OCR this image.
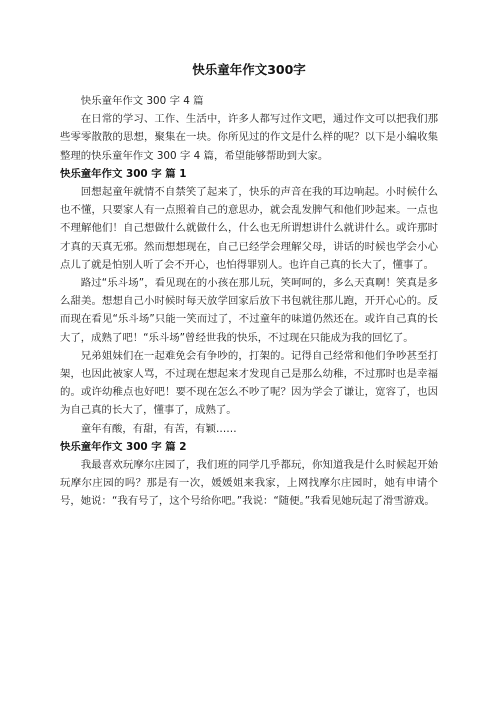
快乐童年作文300字

快乐童年作文 300 字 4 篇

在日常的学习、工作、生活中，许多人都写过作文吧，通过作文可以把我们那些零零散散的思想，聚集在一块。你所见过的作文是什么样的呢？以下是小编收集整理的快乐童年作文 300 字 4 篇，希望能够帮助到大家。

快乐童年作文 300 字 篇 1

回想起童年就情不自禁笑了起来了，快乐的声音在我的耳边响起。小时候什么也不懂，只要家人有一点照着自己的意思办，就会乱发脾气和他们吵起来。一点也不理解他们！自己想做什么就做什么，什么也无所谓想讲什么就讲什么。或许那时才真的天真无邪。然而想想现在，自己已经学会理解父母，讲话的时候也学会小心点儿了就是怕别人听了会不开心，也怕得罪别人。也许自己真的长大了，懂事了。

路过“乐斗场”，看见现在的小孩在那儿玩，笑呵呵的，多么天真啊！笑真是多么甜美。想想自己小时候时每天放学回家后放下书包就往那儿跑，开开心心的。反而现在看见“乐斗场”只能一笑而过了，不过童年的味道仍然还在。或许自己真的长大了，成熟了吧！“乐斗场”曾经世我的快乐，不过现在只能成为我的回忆了。

兄弟姐妹们在一起难免会有争吵的，打架的。记得自己经常和他们争吵甚至打架，也因此被家人骂，不过现在想起来才发现自己是那么幼稚，不过那时也是幸福的。或许幼稚点也好吧！要不现在怎么不吵了呢？因为学会了谦让，宽容了，也因为自己真的长大了，懂事了，成熟了。

童年有酸，有甜，有苦，有颖……

快乐童年作文 300 字 篇 2

我最喜欢玩摩尔庄园了，我们班的同学几乎都玩，你知道我是什么时候起开始玩摩尔庄园的吗？那是有一次，媛媛姐来我家，上网找摩尔庄园时，她有申请个号，她说：“我有号了，这个号给你吧。”我说：“随便。”我看见她玩起了滑雪游戏。
